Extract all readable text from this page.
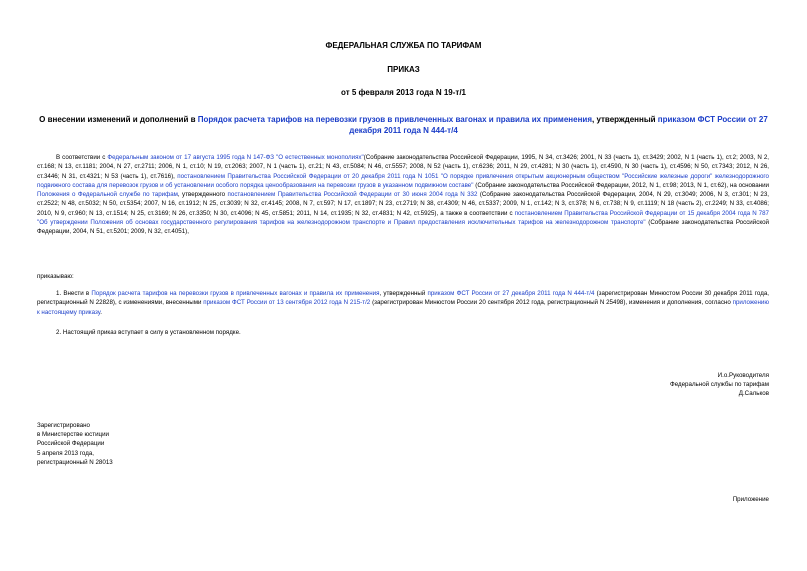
ФЕДЕРАЛЬНАЯ СЛУЖБА ПО ТАРИФАМ
ПРИКАЗ
от 5 февраля 2013 года N 19-т/1
О внесении изменений и дополнений в Порядок расчета тарифов на перевозки грузов в привлеченных вагонах и правила их применения, утвержденный приказом ФСТ России от 27 декабря 2011 года N 444-т/4
В соответствии с Федеральным законом от 17 августа 1995 года N 147-ФЗ "О естественных монополиях"(Собрание законодательства Российской Федерации, 1995, N 34, ст.3426; 2001, N 33 (часть 1), ст.3429; 2002, N 1 (часть 1), ст.2; 2003, N 2, ст.168; N 13, ст.1181; 2004, N 27, ст.2711; 2006, N 1, ст.10; N 19, ст.2063; 2007, N 1 (часть 1), ст.21; N 43, ст.5084; N 46, ст.5557; 2008, N 52 (часть 1), ст.6236; 2011, N 29, ст.4281; N 30 (часть 1), ст.4590, N 30 (часть 1), ст.4596; N 50, ст.7343; 2012, N 26, ст.3446; N 31, ст.4321; N 53 (часть 1), ст.7616), постановлением Правительства Российской Федерации от 20 декабря 2011 года N 1051 "О порядке привлечения открытым акционерным обществом "Российские железные дороги" железнодорожного подвижного состава для перевозок грузов и об установлении особого порядка ценообразования на перевозки грузов в указанном подвижном составе" (Собрание законодательства Российской Федерации, 2012, N 1, ст.98; 2013, N 1, ст.62), на основании Положения о Федеральной службе по тарифам, утвержденного постановлением Правительства Российской Федерации от 30 июня 2004 года N 332 (Собрание законодательства Российской Федерации, 2004, N 29, ст.3049; 2006, N 3, ст.301; N 23, ст.2522; N 48, ст.5032; N 50, ст.5354; 2007, N 16, ст.1912; N 25, ст.3039; N 32, ст.4145; 2008, N 7, ст.597; N 17, ст.1897; N 23, ст.2719; N 38, ст.4309; N 46, ст.5337; 2009, N 1, ст.142; N 3, ст.378; N 6, ст.738; N 9, ст.1119; N 18 (часть 2), ст.2249; N 33, ст.4086; 2010, N 9, ст.960; N 13, ст.1514; N 25, ст.3169; N 26, ст.3350; N 30, ст.4096; N 45, ст.5851; 2011, N 14, ст.1935; N 32, ст.4831; N 42, ст.5925), а также в соответствии с постановлением Правительства Российской Федерации от 15 декабря 2004 года N 787 "Об утверждении Положения об основах государственного регулирования тарифов на железнодорожном транспорте и Правил предоставления исключительных тарифов на железнодорожном транспорте" (Собрание законодательства Российской Федерации, 2004, N 51, ст.5201; 2009, N 32, ст.4051),
приказываю:
1. Внести в Порядок расчета тарифов на перевозки грузов в привлеченных вагонах и правила их применения, утвержденный приказом ФСТ России от 27 декабря 2011 года N 444-т/4 (зарегистрирован Минюстом России 30 декабря 2011 года, регистрационный N 22828), с изменениями, внесенными приказом ФСТ России от 13 сентября 2012 года N 215-т/2 (зарегистрирован Минюстом России 20 сентября 2012 года, регистрационный N 25498), изменения и дополнения, согласно приложению к настоящему приказу.
2. Настоящий приказ вступает в силу в установленном порядке.
И.о.Руководителя
Федеральной службы по тарифам
Д.Сальков
Зарегистрировано
в Министерстве юстиции
Российской Федерации
5 апреля 2013 года,
регистрационный N 28013
Приложение
